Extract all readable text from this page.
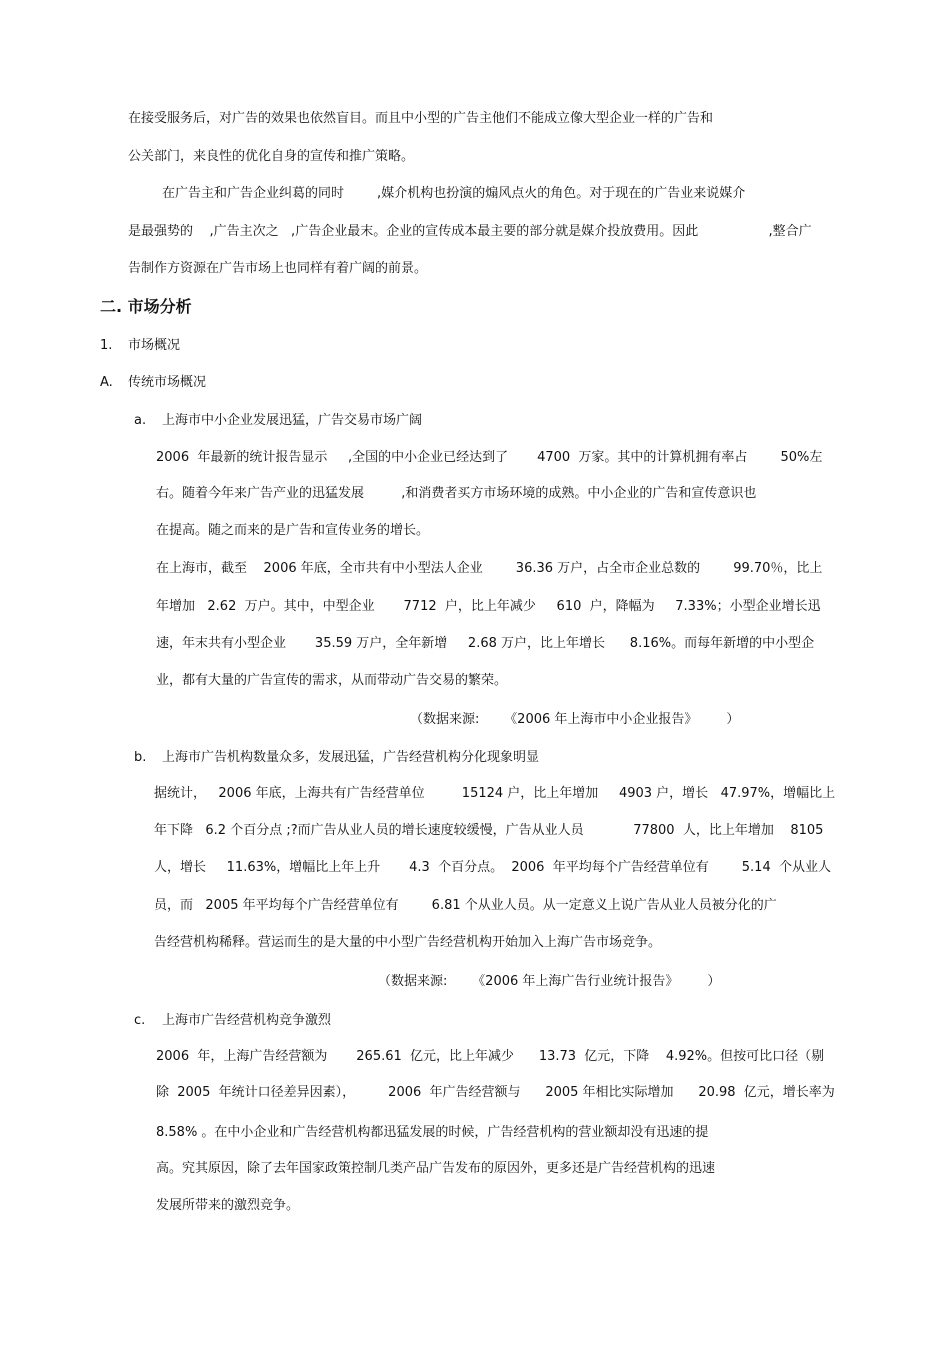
在接受服务后，对广告的效果也依然盲目。而且中小型的广告主他们不能成立像大型企业一样的广告和

公关部门，来良性的优化自身的宣传和推广策略。

在广告主和广告企业纠葛的同时        ,媒介机构也扮演的煽风点火的角色。对于现在的广告业来说媒介

是最强势的    ,广告主次之   ,广告企业最末。企业的宣传成本最主要的部分就是媒介投放费用。因此                 ,整合广

告制作方资源在广告市场上也同样有着广阔的前景。

二. 市场分析
1. 市场概况
A. 传统市场概况
a. 上海市中小企业发展迅猛，广告交易市场广阔

2006  年最新的统计报告显示     ,全国的中小企业已经达到了       4700  万家。其中的计算机拥有率占        50%左

右。随着今年来广告产业的迅猛发展         ,和消费者买方市场环境的成熟。中小企业的广告和宣传意识也

在提高。随之而来的是广告和宣传业务的增长。

在上海市，截至    2006 年底，全市共有中小型法人企业        36.36 万户，占全市企业总数的        99.70％，比上

年增加   2.62  万户。其中，中型企业       7712  户，比上年减少     610  户，降幅为     7.33%；小型企业增长迅

速，年末共有小型企业       35.59 万户，全年新增     2.68 万户，比上年增长      8.16%。而每年新增的中小型企

业，都有大量的广告宣传的需求，从而带动广告交易的繁荣。

（数据来源:      《2006 年上海市中小企业报告》       ）

b. 上海市广告机构数量众多，发展迅猛，广告经营机构分化现象明显

据统计，   2006 年底，上海共有广告经营单位         15124 户，比上年增加     4903 户，增长   47.97%，增幅比上

年下降   6.2 个百分点 ;?而广告从业人员的增长速度较缓慢，广告从业人员            77800  人，比上年增加    8105

人，增长     11.63%，增幅比上年上升       4.3  个百分点。  2006  年平均每个广告经营单位有        5.14  个从业人

员，而   2005 年平均每个广告经营单位有        6.81 个从业人员。从一定意义上说广告从业人员被分化的广

告经营机构稀释。营运而生的是大量的中小型广告经营机构开始加入上海广告市场竞争。

（数据来源:      《2006 年上海广告行业统计报告》       ）

c. 上海市广告经营机构竞争激烈

2006  年，上海广告经营额为       265.61  亿元，比上年减少      13.73  亿元，下降    4.92%。但按可比口径（剔

除  2005  年统计口径差异因素），        2006  年广告经营额与      2005 年相比实际增加      20.98  亿元，增长率为

8.58% 。在中小企业和广告经营机构都迅猛发展的时候，广告经营机构的营业额却没有迅速的提

高。究其原因，除了去年国家政策控制几类产品广告发布的原因外，更多还是广告经营机构的迅速

发展所带来的激烈竞争。
